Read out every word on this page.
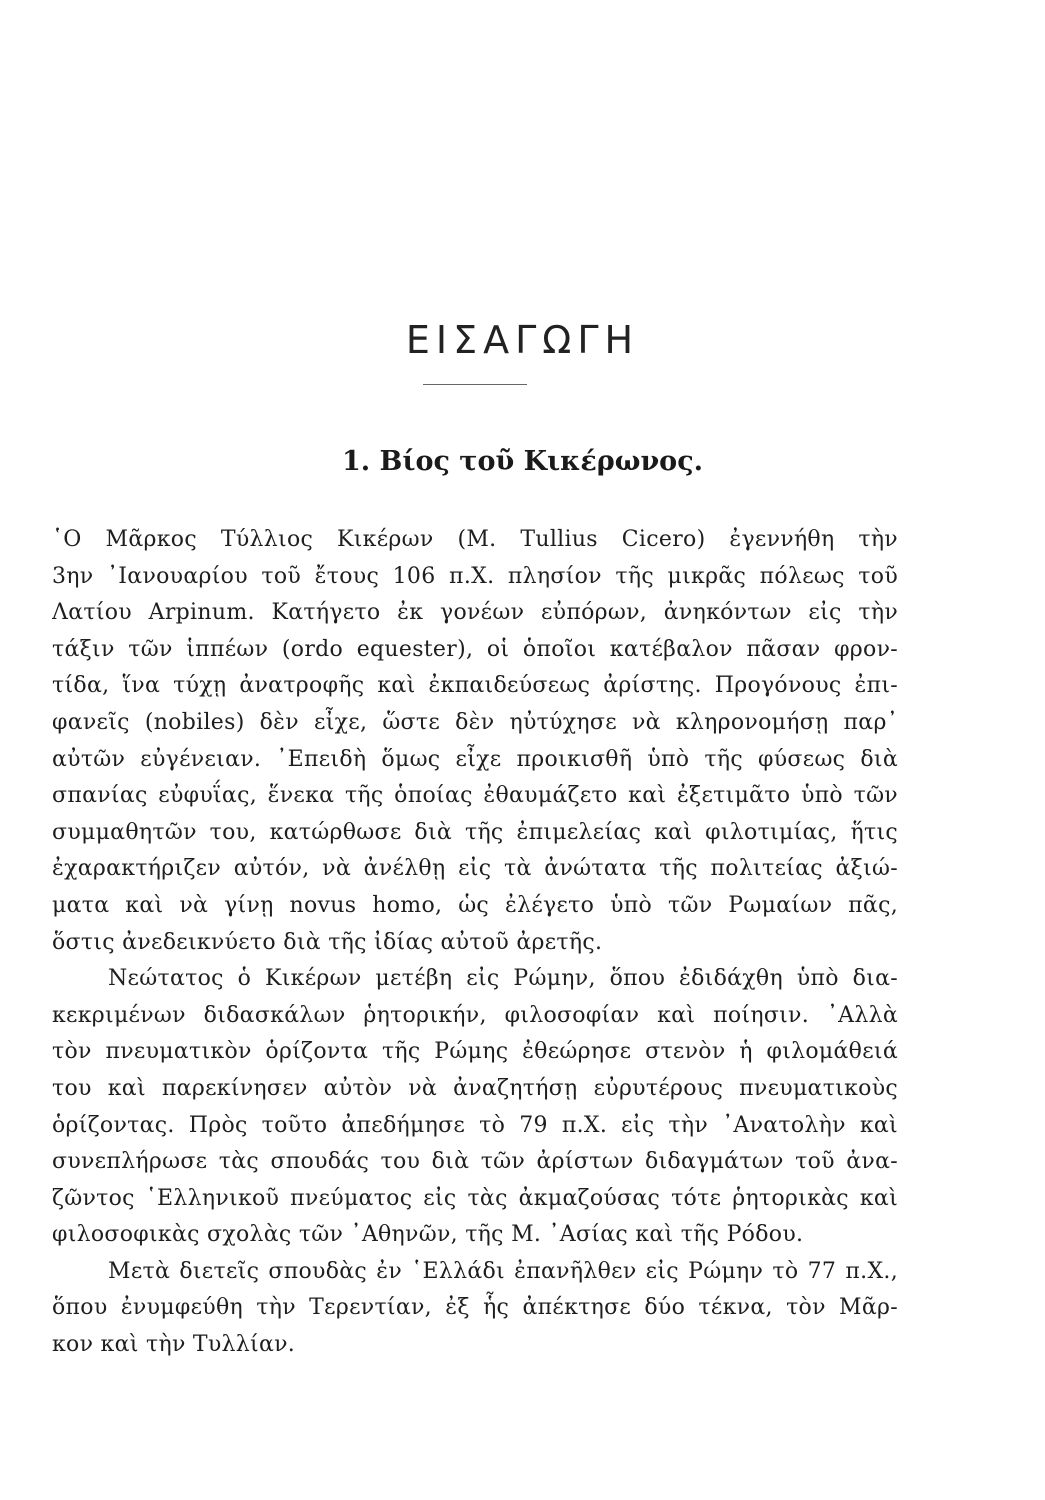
ΕΙΣΑΓΩΓΗ
1. Βίος τοῦ Κικέρωνος.
῾Ο Μᾶρκος Τύλλιος Κικέρων (M. Tullius Cicero) ἐγεννήθη τὴν
3ην ᾿Ιανουαρίου τοῦ ἔτους 106 π.Χ. πλησίον τῆς μικρᾶς πόλεως τοῦ
Λατίου Arpinum. Κατήγετο ἐκ γονέων εὐπόρων, ἀνηκόντων εἰς τὴν
τάξιν τῶν ἱππέων (ordo equester), οἱ ὁποῖοι κατέβαλον πᾶσαν φρον-
τίδα, ἵνα τύχῃ ἀνατροφῆς καὶ ἐκπαιδεύσεως ἀρίστης. Προγόνους ἐπι-
φανεῖς (nobiles) δὲν εἶχε, ὥστε δὲν ηὐτύχησε νὰ κληρονομήσῃ παρ᾿
αὐτῶν εὐγένειαν. ᾿Επειδὴ ὅμως εἶχε προικισθῆ ὑπὸ τῆς φύσεως διὰ
σπανίας εὐφυΐας, ἕνεκα τῆς ὁποίας ἐθαυμάζετο καὶ ἐξετιμᾶτο ὑπὸ τῶν
συμμαθητῶν του, κατώρθωσε διὰ τῆς ἐπιμελείας καὶ φιλοτιμίας, ἥτις
ἐχαρακτήριζεν αὐτόν, νὰ ἀνέλθῃ εἰς τὰ ἀνώτατα τῆς πολιτείας ἀξιώ-
ματα καὶ νὰ γίνῃ novus homo, ὡς ἐλέγετο ὑπὸ τῶν Ρωμαίων πᾶς,
ὅστις ἀνεδεικνύετο διὰ τῆς ἰδίας αὐτοῦ ἀρετῆς.
Νεώτατος ὁ Κικέρων μετέβη εἰς Ρώμην, ὅπου ἐδιδάχθη ὑπὸ δια-
κεκριμένων διδασκάλων ῥητορικήν, φιλοσοφίαν καὶ ποίησιν. ᾿Αλλὰ
τὸν πνευματικὸν ὁρίζοντα τῆς Ρώμης ἐθεώρησε στενὸν ἡ φιλομάθειά
του καὶ παρεκίνησεν αὐτὸν νὰ ἀναζητήσῃ εὐρυτέρους πνευματικοὺς
ὁρίζοντας. Πρὸς τοῦτο ἀπεδήμησε τὸ 79 π.Χ. εἰς τὴν ᾿Ανατολὴν καὶ
συνεπλήρωσε τὰς σπουδάς του διὰ τῶν ἀρίστων διδαγμάτων τοῦ ἀνα-
ζῶντος ῾Ελληνικοῦ πνεύματος εἰς τὰς ἀκμαζούσας τότε ῥητορικὰς καὶ
φιλοσοφικὰς σχολὰς τῶν ᾿Αθηνῶν, τῆς Μ. ᾿Ασίας καὶ τῆς Ρόδου.
Μετὰ διετεῖς σπουδὰς ἐν ῾Ελλάδι ἐπανῆλθεν εἰς Ρώμην τὸ 77 π.Χ.,
ὅπου ἐνυμφεύθη τὴν Τερεντίαν, ἐξ ἧς ἀπέκτησε δύο τέκνα, τὸν Μᾶρ-
κον καὶ τὴν Τυλλίαν.
